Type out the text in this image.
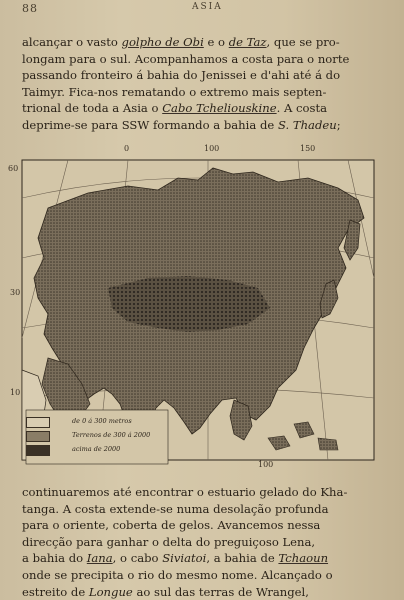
88	ASIA

alcançar o vasto golpho de Obi e o de Taz, que se pro-

longam para o sul. Acompanhamos a costa para o norte

passando fronteiro á bahia do Jenissei e d'ahi até á do

Taimyr. Fica-nos rematando o extremo mais septen-

trional de toda a Asia o Cabo Tcheliouskine. A costa

deprime-se para SSW formando a bahia de S. Thadeu;

0	100	150
60
30
10
100
de 0 á 300 metros
Terrenos de 300 á 2000
acima de 2000

continuaremos até encontrar o estuario gelado do Kha-

tanga. A costa extende-se numa desolação profunda

para o oriente, coberta de gelos. Avancemos nessa

direcção para ganhar o delta do preguiçoso Lena,

a bahia do Iana, o cabo Siviatoi, a bahia de Tchaoun

onde se precipita o rio do mesmo nome. Alcançado o

estreito de Longue ao sul das terras de Wrangel,
